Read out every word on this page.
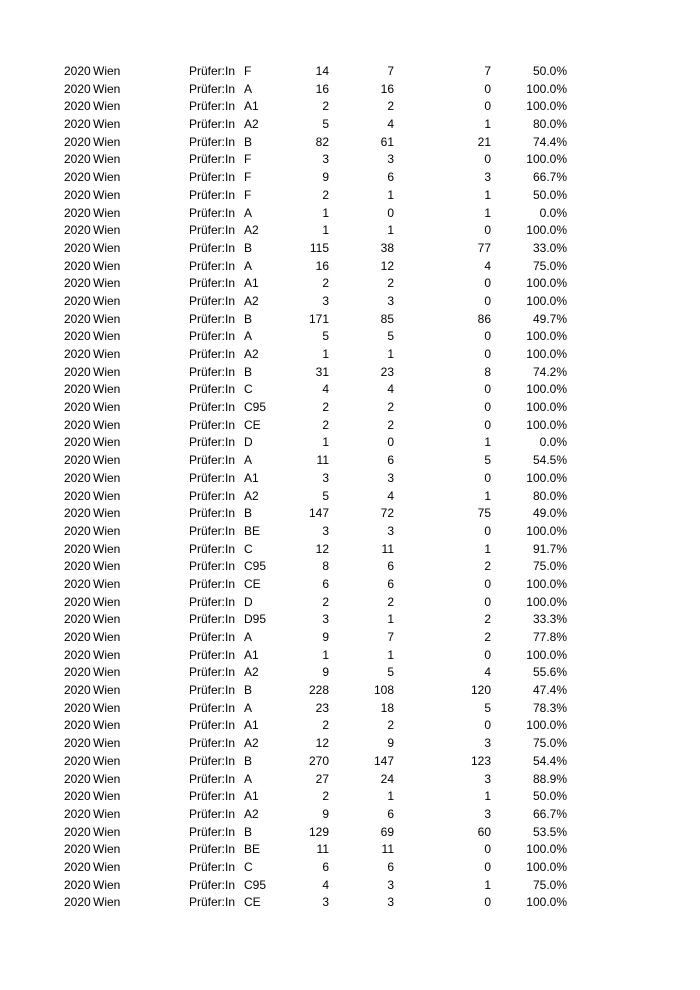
2020 Wien	Prüfer:In F	14	7	7	50.0%
2020 Wien	Prüfer:In A	16	16	0	100.0%
2020 Wien	Prüfer:In A1	2	2	0	100.0%
2020 Wien	Prüfer:In A2	5	4	1	80.0%
2020 Wien	Prüfer:In B	82	61	21	74.4%
2020 Wien	Prüfer:In F	3	3	0	100.0%
2020 Wien	Prüfer:In F	9	6	3	66.7%
2020 Wien	Prüfer:In F	2	1	1	50.0%
2020 Wien	Prüfer:In A	1	0	1	0.0%
2020 Wien	Prüfer:In A2	1	1	0	100.0%
2020 Wien	Prüfer:In B	115	38	77	33.0%
2020 Wien	Prüfer:In A	16	12	4	75.0%
2020 Wien	Prüfer:In A1	2	2	0	100.0%
2020 Wien	Prüfer:In A2	3	3	0	100.0%
2020 Wien	Prüfer:In B	171	85	86	49.7%
2020 Wien	Prüfer:In A	5	5	0	100.0%
2020 Wien	Prüfer:In A2	1	1	0	100.0%
2020 Wien	Prüfer:In B	31	23	8	74.2%
2020 Wien	Prüfer:In C	4	4	0	100.0%
2020 Wien	Prüfer:In C95	2	2	0	100.0%
2020 Wien	Prüfer:In CE	2	2	0	100.0%
2020 Wien	Prüfer:In D	1	0	1	0.0%
2020 Wien	Prüfer:In A	11	6	5	54.5%
2020 Wien	Prüfer:In A1	3	3	0	100.0%
2020 Wien	Prüfer:In A2	5	4	1	80.0%
2020 Wien	Prüfer:In B	147	72	75	49.0%
2020 Wien	Prüfer:In BE	3	3	0	100.0%
2020 Wien	Prüfer:In C	12	11	1	91.7%
2020 Wien	Prüfer:In C95	8	6	2	75.0%
2020 Wien	Prüfer:In CE	6	6	0	100.0%
2020 Wien	Prüfer:In D	2	2	0	100.0%
2020 Wien	Prüfer:In D95	3	1	2	33.3%
2020 Wien	Prüfer:In A	9	7	2	77.8%
2020 Wien	Prüfer:In A1	1	1	0	100.0%
2020 Wien	Prüfer:In A2	9	5	4	55.6%
2020 Wien	Prüfer:In B	228	108	120	47.4%
2020 Wien	Prüfer:In A	23	18	5	78.3%
2020 Wien	Prüfer:In A1	2	2	0	100.0%
2020 Wien	Prüfer:In A2	12	9	3	75.0%
2020 Wien	Prüfer:In B	270	147	123	54.4%
2020 Wien	Prüfer:In A	27	24	3	88.9%
2020 Wien	Prüfer:In A1	2	1	1	50.0%
2020 Wien	Prüfer:In A2	9	6	3	66.7%
2020 Wien	Prüfer:In B	129	69	60	53.5%
2020 Wien	Prüfer:In BE	11	11	0	100.0%
2020 Wien	Prüfer:In C	6	6	0	100.0%
2020 Wien	Prüfer:In C95	4	3	1	75.0%
2020 Wien	Prüfer:In CE	3	3	0	100.0%
